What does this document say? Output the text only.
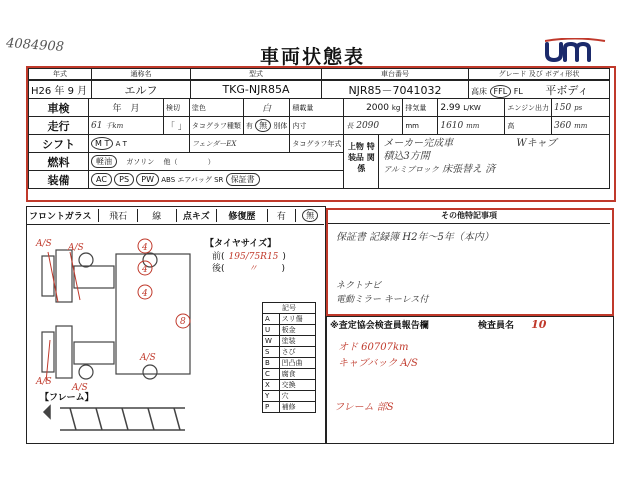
4084908
車両状態表
年式	通称名	型式	車台番号	グレード 及び ボディ形状
H26 年 9 月	エルフ	TKG-NJR85A	NJR85－7041032	高床 FFL FL 平ボディ
車検	年　月	検切	塗色	白	積載量	2000 kg	排気量	2.99 L/KW	エンジン出力	150 ps
走行	61 千km	「 」	タコグラフ種類	有 無 別体	内寸	長 2090	mm	1610 mm	高	360 mm
シフト	M T A T		フェンダーEX		タコグラフ年式	上物 特装品 関係
メーカー完成車 Wキャブ
積込3方開
アルミブロック 床張替え 済				

燃料	軽油　 ガソリン　 他（　　　　 ）									
装備	AC PS PW ABS エアバッグ SR 保証書									
フロントガラス	飛石	線	点キズ	修復歴	有	無
【タイヤサイズ】
前( 195/75R15 )
後(	〃	)
A/S A/S	4
4
4
8
A/S
A/S
A/S
記号	
A	スリ傷
U	板金
W	塗装
S	さび
B	凹凸曲
C	腐食
X	交換
Y	穴
P	補修
【フレーム】
その他特記事項
保証書 記録簿 H2年～5年（本内）
ネクトナビ
電動ミラー キーレス付
※査定協会検査員報告欄	検査員名 10
オド 60707km
キャブバック A/S
フレーム 部S
